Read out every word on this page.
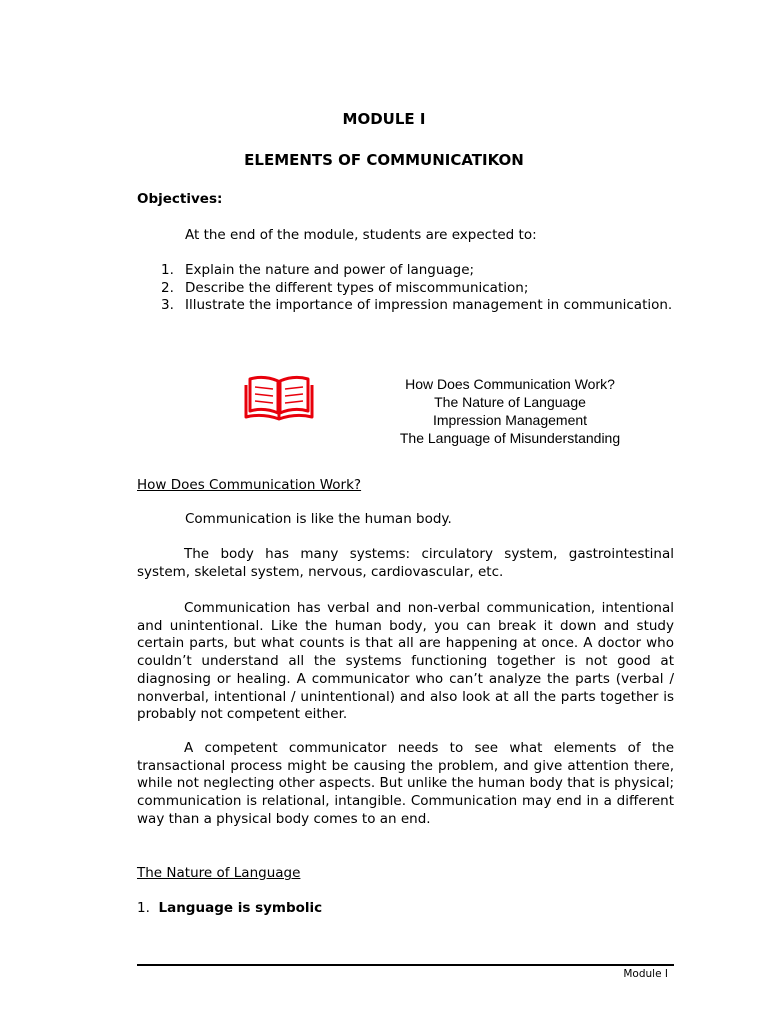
MODULE I
ELEMENTS OF COMMUNICATIKON
Objectives:

At the end of the module, students are expected to:

1. Explain the nature and power of language;
2. Describe the different types of miscommunication;
3. Illustrate the importance of impression management in communication.
How Does Communication Work?
The Nature of Language
Impression Management
The Language of Misunderstanding
How Does Communication Work?

Communication is like the human body.

The body has many systems: circulatory system, gastrointestinal system, skeletal system, nervous, cardiovascular, etc.

Communication has verbal and non-verbal communication, intentional and unintentional. Like the human body, you can break it down and study certain parts, but what counts is that all are happening at once. A doctor who couldn’t understand all the systems functioning together is not good at diagnosing or healing. A communicator who can’t analyze the parts (verbal / nonverbal, intentional / unintentional) and also look at all the parts together is probably not competent either.

A competent communicator needs to see what elements of the transactional process might be causing the problem, and give attention there, while not neglecting other aspects. But unlike the human body that is physical; communication is relational, intangible. Communication may end in a different way than a physical body comes to an end.

The Nature of Language
1. Language is symbolic
Module I
